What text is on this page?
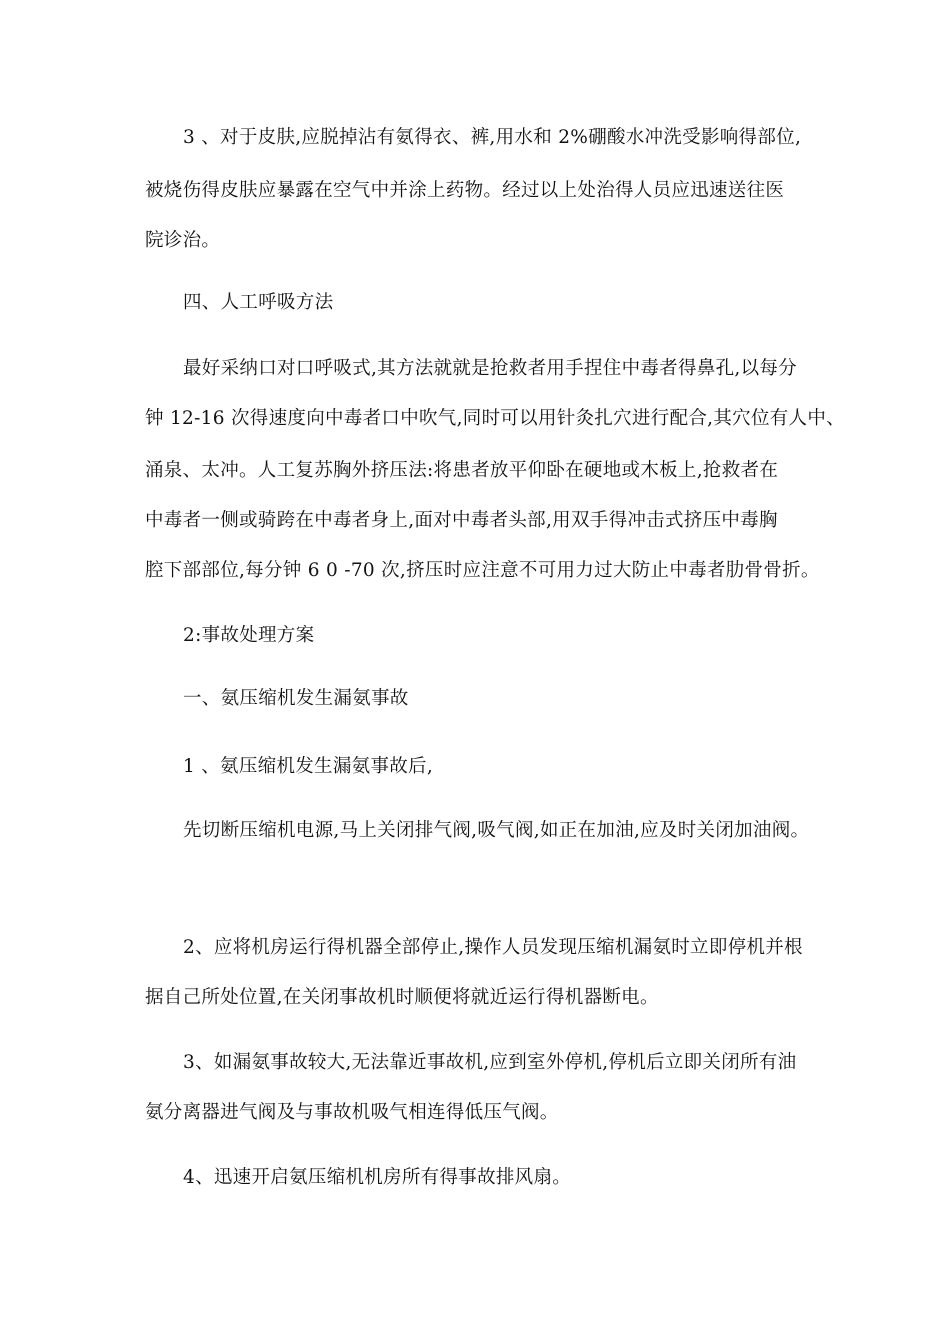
3 、对于皮肤,应脱掉沾有氨得衣、裤,用水和 2%硼酸水冲洗受影响得部位,
被烧伤得皮肤应暴露在空气中并涂上药物。经过以上处治得人员应迅速送往医
院诊治。
四、人工呼吸方法
最好采纳口对口呼吸式,其方法就就是抢救者用手捏住中毒者得鼻孔,以每分
钟 12-16 次得速度向中毒者口中吹气,同时可以用针灸扎穴进行配合,其穴位有人中、
涌泉、太冲。人工复苏胸外挤压法:将患者放平仰卧在硬地或木板上,抢救者在
中毒者一侧或骑跨在中毒者身上,面对中毒者头部,用双手得冲击式挤压中毒胸
腔下部部位,每分钟 6 0 -70 次,挤压时应注意不可用力过大防止中毒者肋骨骨折。
2:事故处理方案
一、氨压缩机发生漏氨事故
1 、氨压缩机发生漏氨事故后,
先切断压缩机电源,马上关闭排气阀,吸气阀,如正在加油,应及时关闭加油阀。
2、应将机房运行得机器全部停止,操作人员发现压缩机漏氨时立即停机并根
据自己所处位置,在关闭事故机时顺便将就近运行得机器断电。
3、如漏氨事故较大,无法靠近事故机,应到室外停机,停机后立即关闭所有油
氨分离器进气阀及与事故机吸气相连得低压气阀。
4、迅速开启氨压缩机机房所有得事故排风扇。
